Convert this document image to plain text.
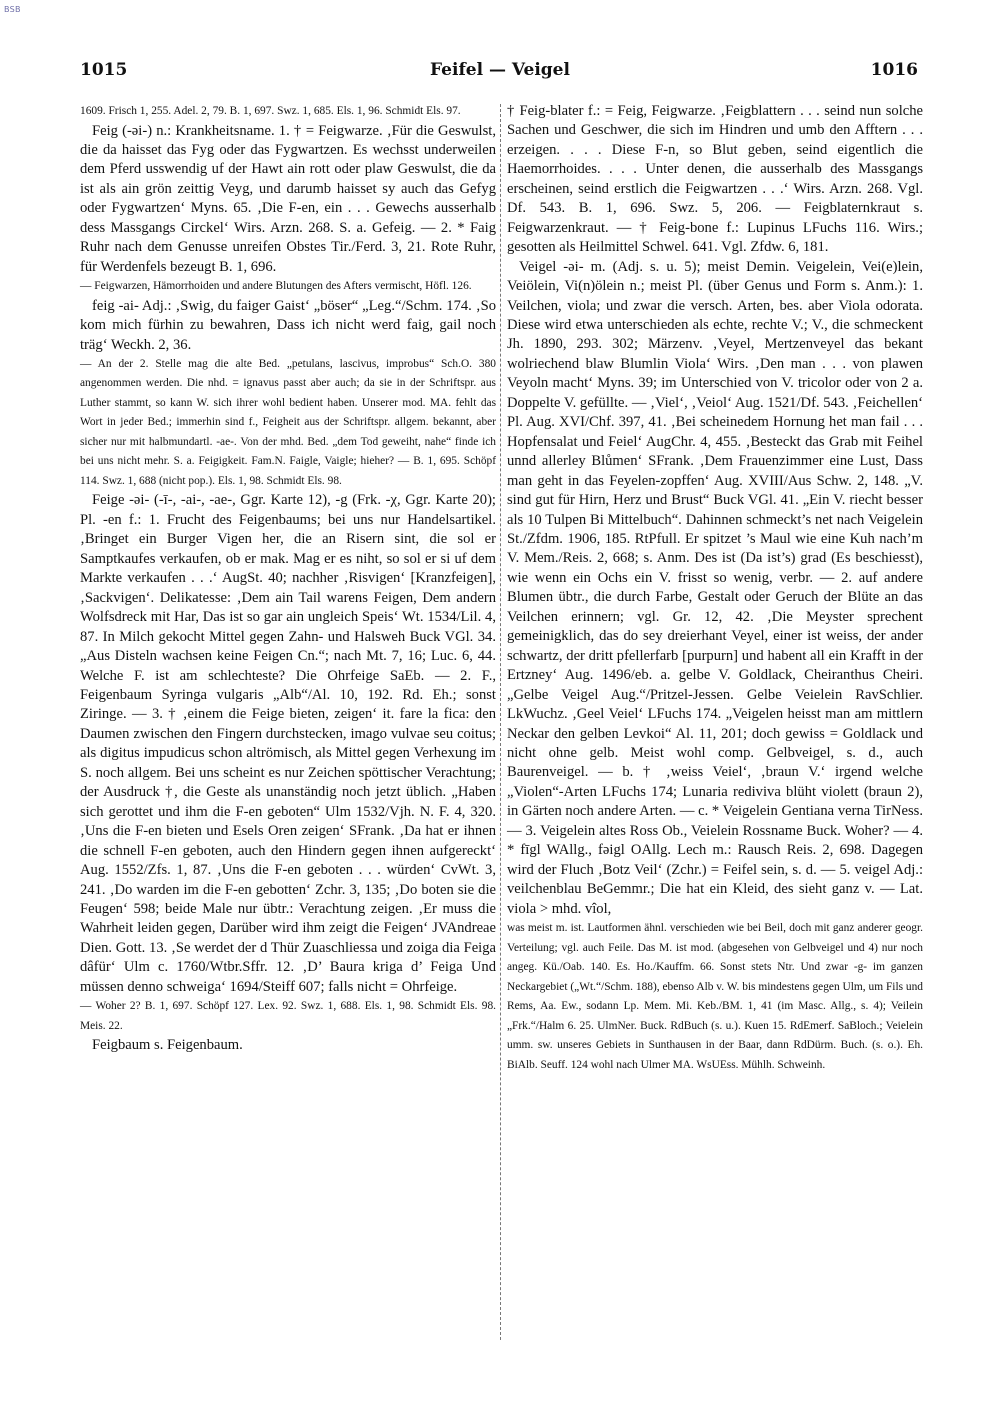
BSB
1015	Feifel — Veigel	1016

1609. Frisch 1, 255. Adel. 2, 79. B. 1, 697. Swz. 1, 685. Els. 1, 96. Schmidt Els. 97.

Feig (-əi-) n.: Krankheitsname. 1. † = Feigwarze. ‚Für die Geswulst, die da haisset das Fyg oder das Fygwartzen. Es wechsst underweilen dem Pferd usswendig uf der Hawt ain rott oder plaw Geswulst, die da ist als ain grön zeittig Veyg, und darumb haisset sy auch das Gefyg oder Fygwartzen‘ Myns. 65. ‚Die F-en, ein . . . Gewechs ausserhalb dess Massgangs Circkel‘ Wirs. Arzn. 268. S. a. Gefeig. — 2. * Faig Ruhr nach dem Genusse unreifen Obstes Tir./Ferd. 3, 21. Rote Ruhr, für Werdenfels bezeugt B. 1, 696.

— Feigwarzen, Hämorrhoiden und andere Blutungen des Afters vermischt, Höfl. 126.

feig -ai- Adj.: ‚Swig, du faiger Gaist‘ „böser“ „Leg.“/Schm. 174. ‚So kom mich fürhin zu bewahren, Dass ich nicht werd faig, gail noch träg‘ Weckh. 2, 36.

— An der 2. Stelle mag die alte Bed. „petulans, lascivus, improbus“ Sch.O. 380 angenommen werden. Die nhd. = ignavus passt aber auch; da sie in der Schriftspr. aus Luther stammt, so kann W. sich ihrer wohl bedient haben. Unserer mod. MA. fehlt das Wort in jeder Bed.; immerhin sind f., Feigheit aus der Schriftspr. allgem. bekannt, aber sicher nur mit halbmundartl. -ae-. Von der mhd. Bed. „dem Tod geweiht, nahe“ finde ich bei uns nicht mehr. S. a. Feigigkeit. Fam.N. Faigle, Vaigle; hieher? — B. 1, 695. Schöpf 114. Swz. 1, 688 (nicht pop.). Els. 1, 98. Schmidt Els. 98.

Feige -əi- (-ī-, -ai-, -ae-, Ggr. Karte 12), -g (Frk. -χ, Ggr. Karte 20); Pl. -en f.: 1. Frucht des Feigenbaums; bei uns nur Handelsartikel. ‚Bringet ein Burger Vigen her, die an Risern sint, die sol er Samptkaufes verkaufen, ob er mak. Mag er es niht, so sol er si uf dem Markte verkaufen . . .‘ AugSt. 40; nachher ‚Risvigen‘ [Kranzfeigen], ‚Sackvigen‘. Delikatesse: ‚Dem ain Tail warens Feigen, Dem andern Wolfsdreck mit Har, Das ist so gar ain ungleich Speis‘ Wt. 1534/Lil. 4, 87. In Milch gekocht Mittel gegen Zahn- und Halsweh Buck VGl. 34. „Aus Disteln wachsen keine Feigen Cn.“; nach Mt. 7, 16; Luc. 6, 44. Welche F. ist am schlechteste? Die Ohrfeige SaEb. — 2. F., Feigenbaum Syringa vulgaris „Alb“/Al. 10, 192. Rd. Eh.; sonst Ziringe. — 3. † ‚einem die Feige bieten, zeigen‘ it. fare la fica: den Daumen zwischen den Fingern durchstecken, imago vulvae seu coitus; als digitus impudicus schon altrömisch, als Mittel gegen Verhexung im S. noch allgem. Bei uns scheint es nur Zeichen spöttischer Verachtung; der Ausdruck †, die Geste als unanständig noch jetzt üblich. „Haben sich gerottet und ihm die F-en geboten“ Ulm 1532/Vjh. N. F. 4, 320. ‚Uns die F-en bieten und Esels Oren zeigen‘ SFrank. ‚Da hat er ihnen die schnell F-en geboten, auch den Hindern gegen ihnen aufgereckt‘ Aug. 1552/Zfs. 1, 87. ‚Uns die F-en geboten . . . würden‘ CvWt. 3, 241. ‚Do warden im die F-en gebotten‘ Zchr. 3, 135; ‚Do boten sie die Feugen‘ 598; beide Male nur übtr.: Verachtung zeigen. ‚Er muss die Wahrheit leiden gegen, Darüber wird ihm zeigt die Feigen‘ JVAndreae Dien. Gott. 13. ‚Se werdet der d Thür Zuaschliessa und zoiga dia Feiga dâfür‘ Ulm c. 1760/Wtbr.Sffr. 12. ‚D’ Baura kriga d’ Feiga Und müssen denno schweiga‘ 1694/Steiff 607; falls nicht = Ohrfeige.

— Woher 2? B. 1, 697. Schöpf 127. Lex. 92. Swz. 1, 688. Els. 1, 98. Schmidt Els. 98. Meis. 22.

Feigbaum s. Feigenbaum.

† Feig-blater f.: = Feig, Feigwarze. ‚Feigblattern . . . seind nun solche Sachen und Geschwer, die sich im Hindren und umb den Afftern . . . erzeigen. . . . Diese F-n, so Blut geben, seind eigentlich die Haemorrhoides. . . . Unter denen, die ausserhalb des Massgangs erscheinen, seind erstlich die Feigwartzen . . .‘ Wirs. Arzn. 268. Vgl. Df. 543. B. 1, 696. Swz. 5, 206. — Feigblaternkraut s. Feigwarzenkraut. — † Feig-bone f.: Lupinus LFuchs 116. Wirs.; gesotten als Heilmittel Schwel. 641. Vgl. Zfdw. 6, 181.

Veigel -əi- m. (Adj. s. u. 5); meist Demin. Veigelein, Vei(e)lein, Veiölein, Vi(n)ölein n.; meist Pl. (über Genus und Form s. Anm.): 1. Veilchen, viola; und zwar die versch. Arten, bes. aber Viola odorata. Diese wird etwa unterschieden als echte, rechte V.; V., die schmeckent Jh. 1890, 293. 302; Märzenv. ‚Veyel, Mertzenveyel das bekant wolriechend blaw Blumlin Viola‘ Wirs. ‚Den man . . . von plawen Veyoln macht‘ Myns. 39; im Unterschied von V. tricolor oder von 2 a. Doppelte V. gefüllte. — ‚Viel‘, ‚Veiol‘ Aug. 1521/Df. 543. ‚Feichellen‘ Pl. Aug. XVI/Chf. 397, 41. ‚Bei scheinedem Hornung het man fail . . . Hopfensalat und Feiel‘ AugChr. 4, 455. ‚Besteckt das Grab mit Feihel unnd allerley Blůmen‘ SFrank. ‚Dem Frauenzimmer eine Lust, Dass man geht in das Feyelen-zopffen‘ Aug. XVIII/Aus Schw. 2, 148. „V. sind gut für Hirn, Herz und Brust“ Buck VGl. 41. „Ein V. riecht besser als 10 Tulpen Bi Mittelbuch“. Dahinnen schmeckt’s net nach Veigelein St./Zfdm. 1906, 185. RtPfull. Er spitzet ’s Maul wie eine Kuh nach’m V. Mem./Reis. 2, 668; s. Anm. Des ist (Da ist’s) grad (Es beschiesst), wie wenn ein Ochs ein V. frisst so wenig, verbr. — 2. auf andere Blumen übtr., die durch Farbe, Gestalt oder Geruch der Blüte an das Veilchen erinnern; vgl. Gr. 12, 42. ‚Die Meyster sprechent gemeinigklich, das do sey dreierhant Veyel, einer ist weiss, der ander schwartz, der dritt pfellerfarb [purpurn] und habent all ein Krafft in der Ertzney‘ Aug. 1496/eb. a. gelbe V. Goldlack, Cheiranthus Cheiri. „Gelbe Veigel Aug.“/Pritzel-Jessen. Gelbe Veielein RavSchlier. LkWuchz. ‚Geel Veiel‘ LFuchs 174. „Veigelen heisst man am mittlern Neckar den gelben Levkoi“ Al. 11, 201; doch gewiss = Goldlack und nicht ohne gelb. Meist wohl comp. Gelbveigel, s. d., auch Baurenveigel. — b. † ‚weiss Veiel‘, ‚braun V.‘ irgend welche „Violen“-Arten LFuchs 174; Lunaria rediviva blüht violett (braun 2), in Gärten noch andere Arten. — c. * Veigelein Gentiana verna TirNess. — 3. Veigelein altes Ross Ob., Veielein Rossname Buck. Woher? — 4. * fīgl WAllg., fəigl OAllg. Lech m.: Rausch Reis. 2, 698. Dagegen wird der Fluch ‚Botz Veil‘ (Zchr.) = Feifel sein, s. d. — 5. veigel Adj.: veilchenblau BeGemmr.; Die hat ein Kleid, des sieht ganz v. — Lat. viola > mhd. vîol,

was meist m. ist. Lautformen ähnl. verschieden wie bei Beil, doch mit ganz anderer geogr. Verteilung; vgl. auch Feile. Das M. ist mod. (abgesehen von Gelbveigel und 4) nur noch angeg. Kü./Oab. 140. Es. Ho./Kauffm. 66. Sonst stets Ntr. Und zwar -g- im ganzen Neckargebiet („Wt.“/Schm. 188), ebenso Alb v. W. bis mindestens gegen Ulm, um Fils und Rems, Aa. Ew., sodann Lp. Mem. Mi. Keb./BM. 1, 41 (im Masc. Allg., s. 4); Veilein „Frk.“/Halm 6. 25. UlmNer. Buck. RdBuch (s. u.). Kuen 15. RdEmerf. SaBloch.; Veielein umm. sw. unseres Gebiets in Sunthausen in der Baar, dann RdDürm. Buch. (s. o.). Eh. BiAlb. Seuff. 124 wohl nach Ulmer MA. WsUEss. Mühlh. Schweinh.
